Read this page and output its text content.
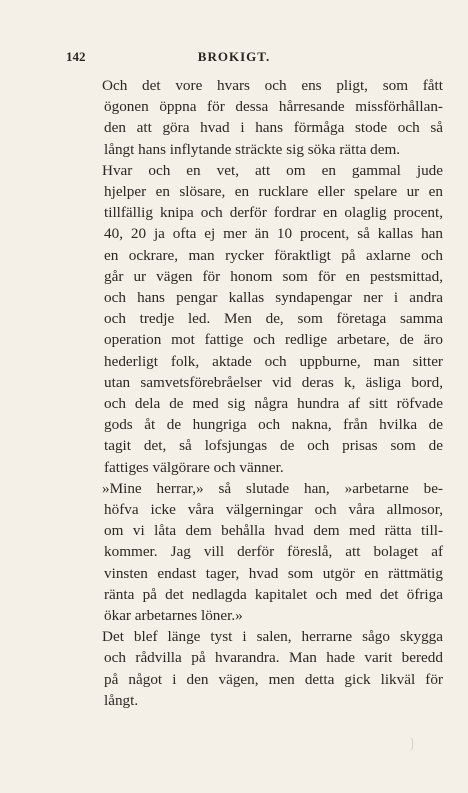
142	BROKIGT.
Och det vore hvars och ens pligt, som fått
ögonen öppna för dessa hårresande missförhållan-
den att göra hvad i hans förmåga stode och så
långt hans inflytande sträckte sig söka rätta dem.
Hvar och en vet, att om en gammal jude
hjelper en slösare, en rucklare eller spelare ur en
tillfällig knipa och derför fordrar en olaglig procent,
40, 20 ja ofta ej mer än 10 procent, så kallas han
en ockrare, man rycker föraktligt på axlarne och
går ur vägen för honom som för en pestsmittad,
och hans pengar kallas syndapengar ner i andra
och tredje led. Men de, som företaga samma
operation mot fattige och redlige arbetare, de äro
hederligt folk, aktade och uppburne, man sitter
utan samvetsförebråelser vid deras k, äsliga bord,
och dela de med sig några hundra af sitt röfvade
gods åt de hungriga och nakna, från hvilka de
tagit det, så lofsjungas de och prisas som de
fattiges välgörare och vänner.
»Mine herrar,» så slutade han, »arbetarne be-
höfva icke våra välgerningar och våra allmosor,
om vi låta dem behålla hvad dem med rätta till-
kommer. Jag vill derför föreslå, att bolaget af
vinsten endast tager, hvad som utgör en rättmätig
ränta på det nedlagda kapitalet och med det öfriga
ökar arbetarnes löner.»
Det blef länge tyst i salen, herrarne sågo skygga
och rådvilla på hvarandra. Man hade varit beredd
på något i den vägen, men detta gick likväl för
långt.
